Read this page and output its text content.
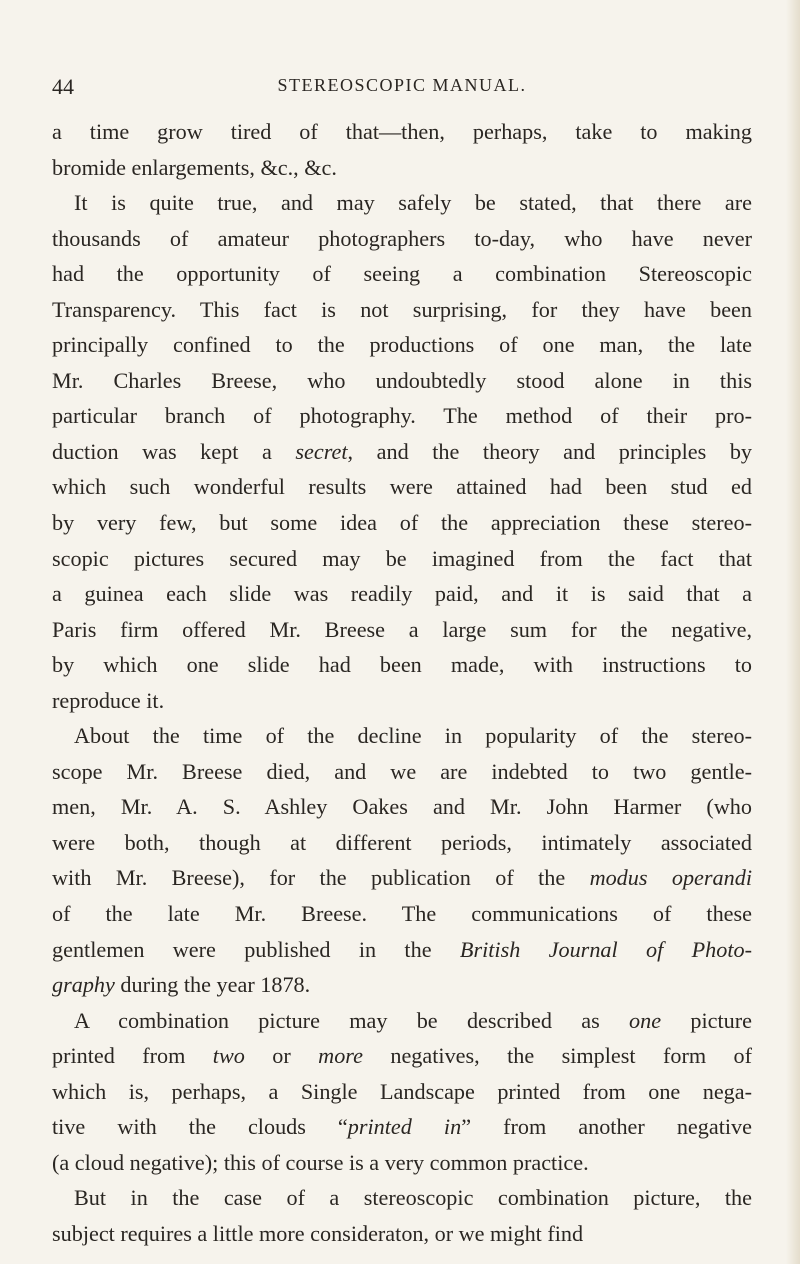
44	STEREOSCOPIC MANUAL.
a time grow tired of that—then, perhaps, take to making
bromide enlargements, &c., &c.
It is quite true, and may safely be stated, that there are
thousands of amateur photographers to-day, who have never
had the opportunity of seeing a combination Stereoscopic
Transparency. This fact is not surprising, for they have been
principally confined to the productions of one man, the late
Mr. Charles Breese, who undoubtedly stood alone in this
particular branch of photography. The method of their pro-
duction was kept a secret, and the theory and principles by
which such wonderful results were attained had been stud ed
by very few, but some idea of the appreciation these stereo-
scopic pictures secured may be imagined from the fact that
a guinea each slide was readily paid, and it is said that a
Paris firm offered Mr. Breese a large sum for the negative,
by which one slide had been made, with instructions to
reproduce it.
About the time of the decline in popularity of the stereo-
scope Mr. Breese died, and we are indebted to two gentle-
men, Mr. A. S. Ashley Oakes and Mr. John Harmer (who
were both, though at different periods, intimately associated
with Mr. Breese), for the publication of the modus operandi
of the late Mr. Breese. The communications of these
gentlemen were published in the British Journal of Photo-
graphy during the year 1878.
A combination picture may be described as one picture
printed from two or more negatives, the simplest form of
which is, perhaps, a Single Landscape printed from one nega-
tive with the clouds “printed in” from another negative
(a cloud negative); this of course is a very common practice.
But in the case of a stereoscopic combination picture, the
subject requires a little more consideraton, or we might find
